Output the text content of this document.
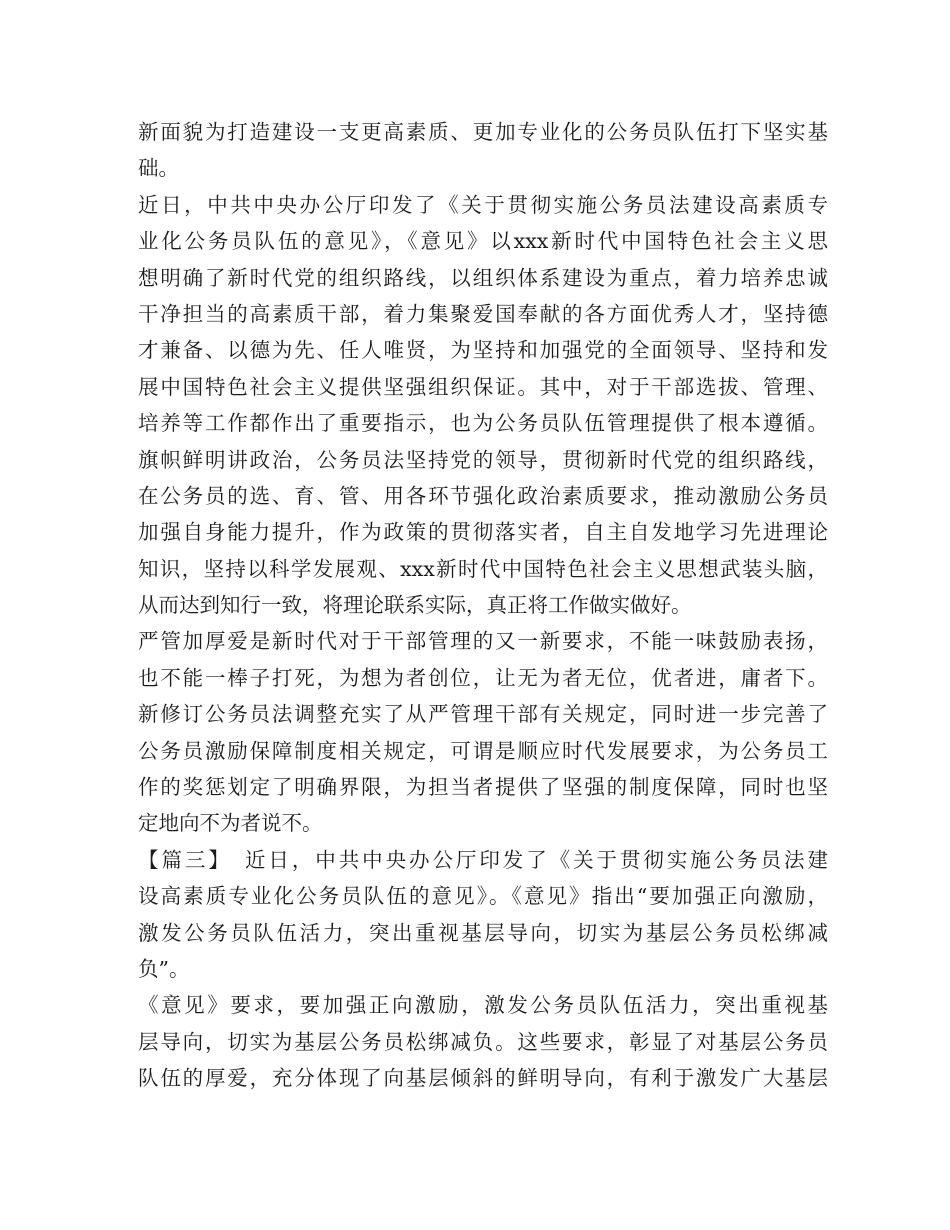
新面貌为打造建设一支更高素质、更加专业化的公务员队伍打下坚实基
础。
近日，中共中央办公厅印发了《关于贯彻实施公务员法建设高素质专
业化公务员队伍的意见》，《意见》以xxx新时代中国特色社会主义思
想明确了新时代党的组织路线，以组织体系建设为重点，着力培养忠诚
干净担当的高素质干部，着力集聚爱国奉献的各方面优秀人才，坚持德
才兼备、以德为先、任人唯贤，为坚持和加强党的全面领导、坚持和发
展中国特色社会主义提供坚强组织保证。其中，对于干部选拔、管理、
培养等工作都作出了重要指示，也为公务员队伍管理提供了根本遵循。
旗帜鲜明讲政治，公务员法坚持党的领导，贯彻新时代党的组织路线，
在公务员的选、育、管、用各环节强化政治素质要求，推动激励公务员
加强自身能力提升，作为政策的贯彻落实者，自主自发地学习先进理论
知识，坚持以科学发展观、xxx新时代中国特色社会主义思想武装头脑，
从而达到知行一致，将理论联系实际，真正将工作做实做好。
严管加厚爱是新时代对于干部管理的又一新要求，不能一味鼓励表扬，
也不能一棒子打死，为想为者创位，让无为者无位，优者进，庸者下。
新修订公务员法调整充实了从严管理干部有关规定，同时进一步完善了
公务员激励保障制度相关规定，可谓是顺应时代发展要求，为公务员工
作的奖惩划定了明确界限，为担当者提供了坚强的制度保障，同时也坚
定地向不为者说不。
【篇三】　近日，中共中央办公厅印发了《关于贯彻实施公务员法建
设高素质专业化公务员队伍的意见》。《意见》指出“要加强正向激励，
激发公务员队伍活力，突出重视基层导向，切实为基层公务员松绑减
负”。
《意见》要求，要加强正向激励，激发公务员队伍活力，突出重视基
层导向，切实为基层公务员松绑减负。这些要求，彰显了对基层公务员
队伍的厚爱，充分体现了向基层倾斜的鲜明导向，有利于激发广大基层
